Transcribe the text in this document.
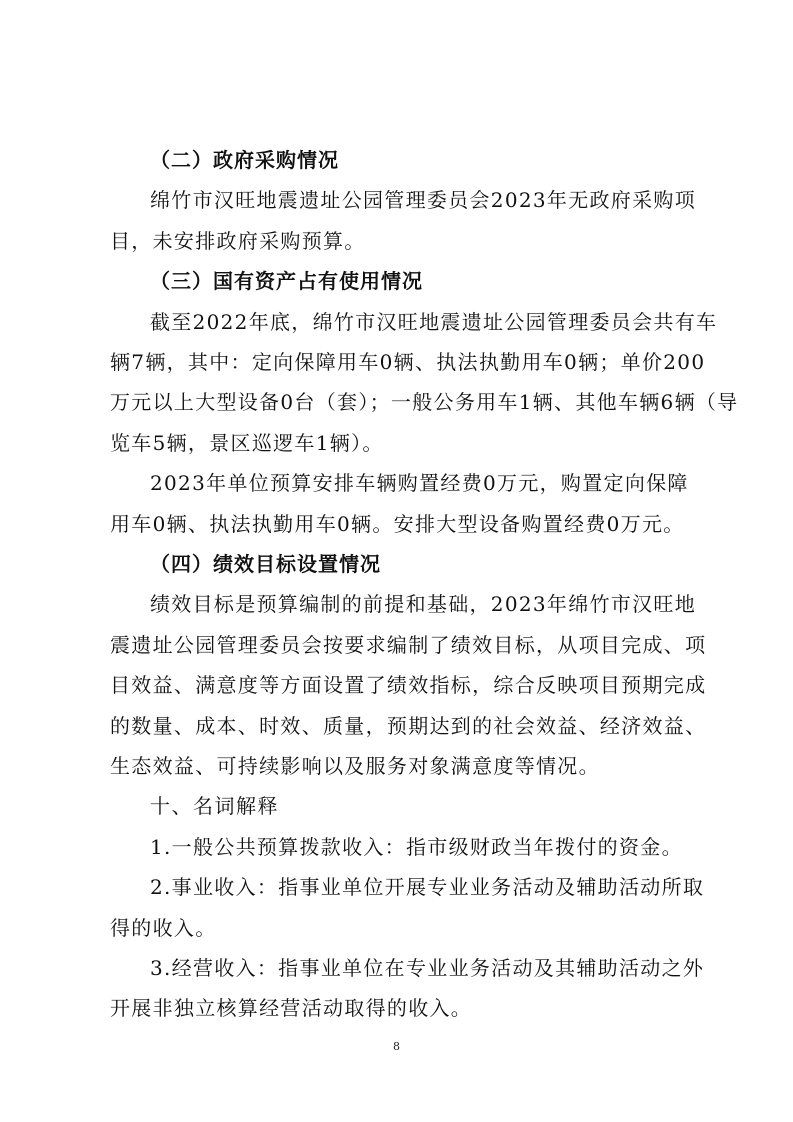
（二）政府采购情况
绵竹市汉旺地震遗址公园管理委员会2023年无政府采购项
目，未安排政府采购预算。
（三）国有资产占有使用情况
截至2022年底，绵竹市汉旺地震遗址公园管理委员会共有车
辆7辆，其中：定向保障用车0辆、执法执勤用车0辆；单价200
万元以上大型设备0台（套）；一般公务用车1辆、其他车辆6辆（导
览车5辆，景区巡逻车1辆）。
2023年单位预算安排车辆购置经费0万元，购置定向保障
用车0辆、执法执勤用车0辆。安排大型设备购置经费0万元。
（四）绩效目标设置情况
绩效目标是预算编制的前提和基础，2023年绵竹市汉旺地
震遗址公园管理委员会按要求编制了绩效目标，从项目完成、项
目效益、满意度等方面设置了绩效指标，综合反映项目预期完成
的数量、成本、时效、质量，预期达到的社会效益、经济效益、
生态效益、可持续影响以及服务对象满意度等情况。
十、名词解释
1.一般公共预算拨款收入：指市级财政当年拨付的资金。
2.事业收入：指事业单位开展专业业务活动及辅助活动所取
得的收入。
3.经营收入：指事业单位在专业业务活动及其辅助活动之外
开展非独立核算经营活动取得的收入。
8
